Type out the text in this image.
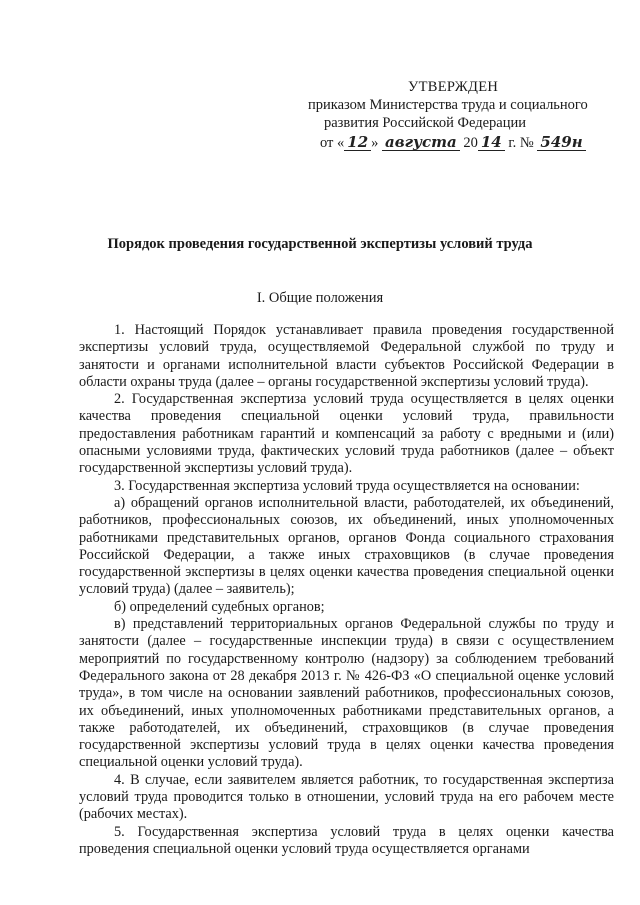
УТВЕРЖДЕН
приказом Министерства труда и социального
развития Российской Федерации
от « 12 » августа 20 14 г. № 549н
Порядок проведения государственной экспертизы условий труда
I. Общие положения

1. Настоящий Порядок устанавливает правила проведения государственной экспертизы условий труда, осуществляемой Федеральной службой по труду и занятости и органами исполнительной власти субъектов Российской Федерации в области охраны труда (далее – органы государственной экспертизы условий труда).

2. Государственная экспертиза условий труда осуществляется в целях оценки качества проведения специальной оценки условий труда, правильности предоставления работникам гарантий и компенсаций за работу с вредными и (или) опасными условиями труда, фактических условий труда работников (далее – объект государственной экспертизы условий труда).

3. Государственная экспертиза условий труда осуществляется на основании:

а) обращений органов исполнительной власти, работодателей, их объединений, работников, профессиональных союзов, их объединений, иных уполномоченных работниками представительных органов, органов Фонда социального страхования Российской Федерации, а также иных страховщиков (в случае проведения государственной экспертизы в целях оценки качества проведения специальной оценки условий труда) (далее – заявитель);

б) определений судебных органов;

в) представлений территориальных органов Федеральной службы по труду и занятости (далее – государственные инспекции труда) в связи с осуществлением мероприятий по государственному контролю (надзору) за соблюдением требований Федерального закона от 28 декабря 2013 г. № 426-ФЗ «О специальной оценке условий труда», в том числе на основании заявлений работников, профессиональных союзов, их объединений, иных уполномоченных работниками представительных органов, а также работодателей, их объединений, страховщиков (в случае проведения государственной экспертизы условий труда в целях оценки качества проведения специальной оценки условий труда).

4. В случае, если заявителем является работник, то государственная экспертиза условий труда проводится только в отношении, условий труда на его рабочем месте (рабочих местах).

5. Государственная экспертиза условий труда в целях оценки качества проведения специальной оценки условий труда осуществляется органами
